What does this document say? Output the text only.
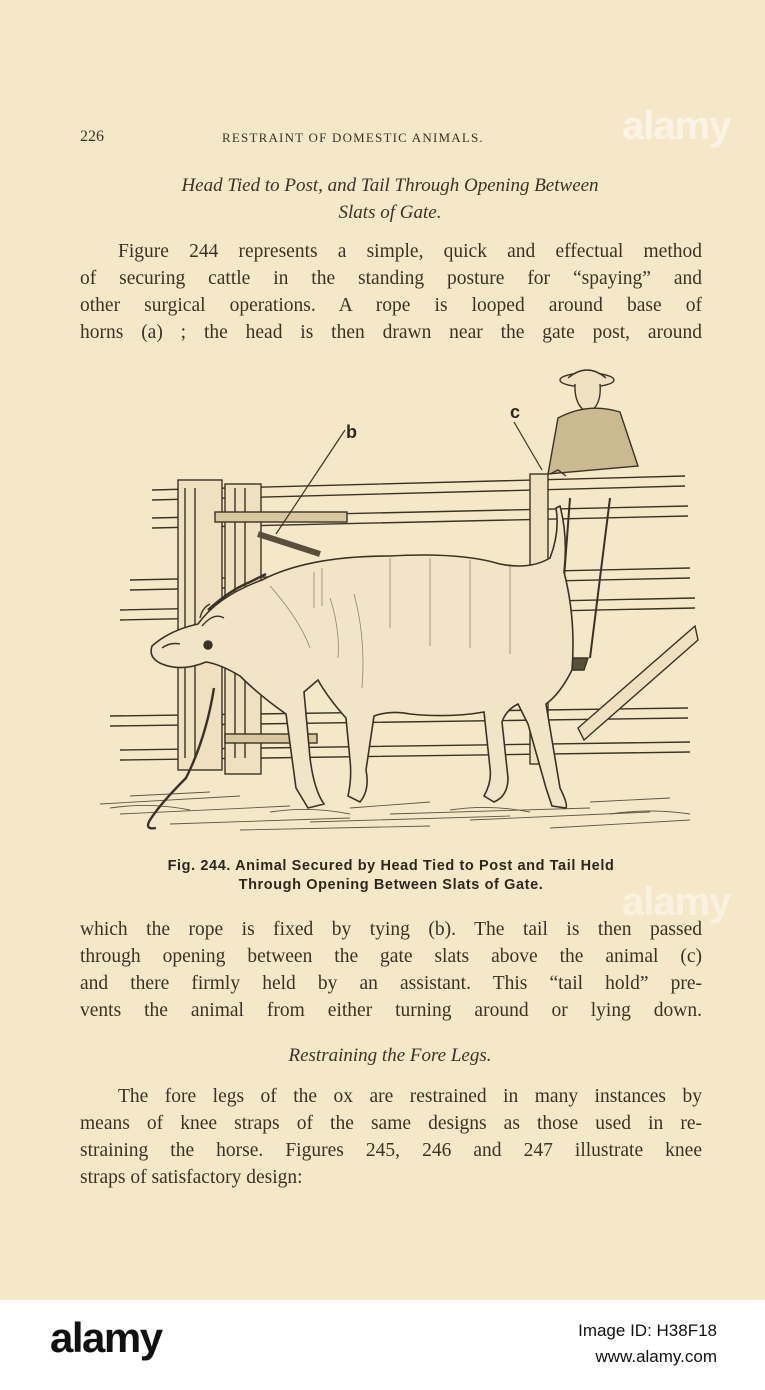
226	RESTRAINT OF DOMESTIC ANIMALS.	alamy
Head Tied to Post, and Tail Through Opening Between
Slats of Gate.
Figure 244 represents a simple, quick and effectual method
of securing cattle in the standing posture for “spaying” and
other surgical operations. A rope is looped around base of
horns (a) ; the head is then drawn near the gate post, around
b
c
Fig. 244. Animal Secured by Head Tied to Post and Tail Held
Through Opening Between Slats of Gate.	alamy
which the rope is fixed by tying (b). The tail is then passed
through opening between the gate slats above the animal (c)
and there firmly held by an assistant. This “tail hold” pre-
vents the animal from either turning around or lying down.
Restraining the Fore Legs.
The fore legs of the ox are restrained in many instances by
means of knee straps of the same designs as those used in re-
straining the horse. Figures 245, 246 and 247 illustrate knee
straps of satisfactory design:
alamy	Image ID: H38F18
www.alamy.com
